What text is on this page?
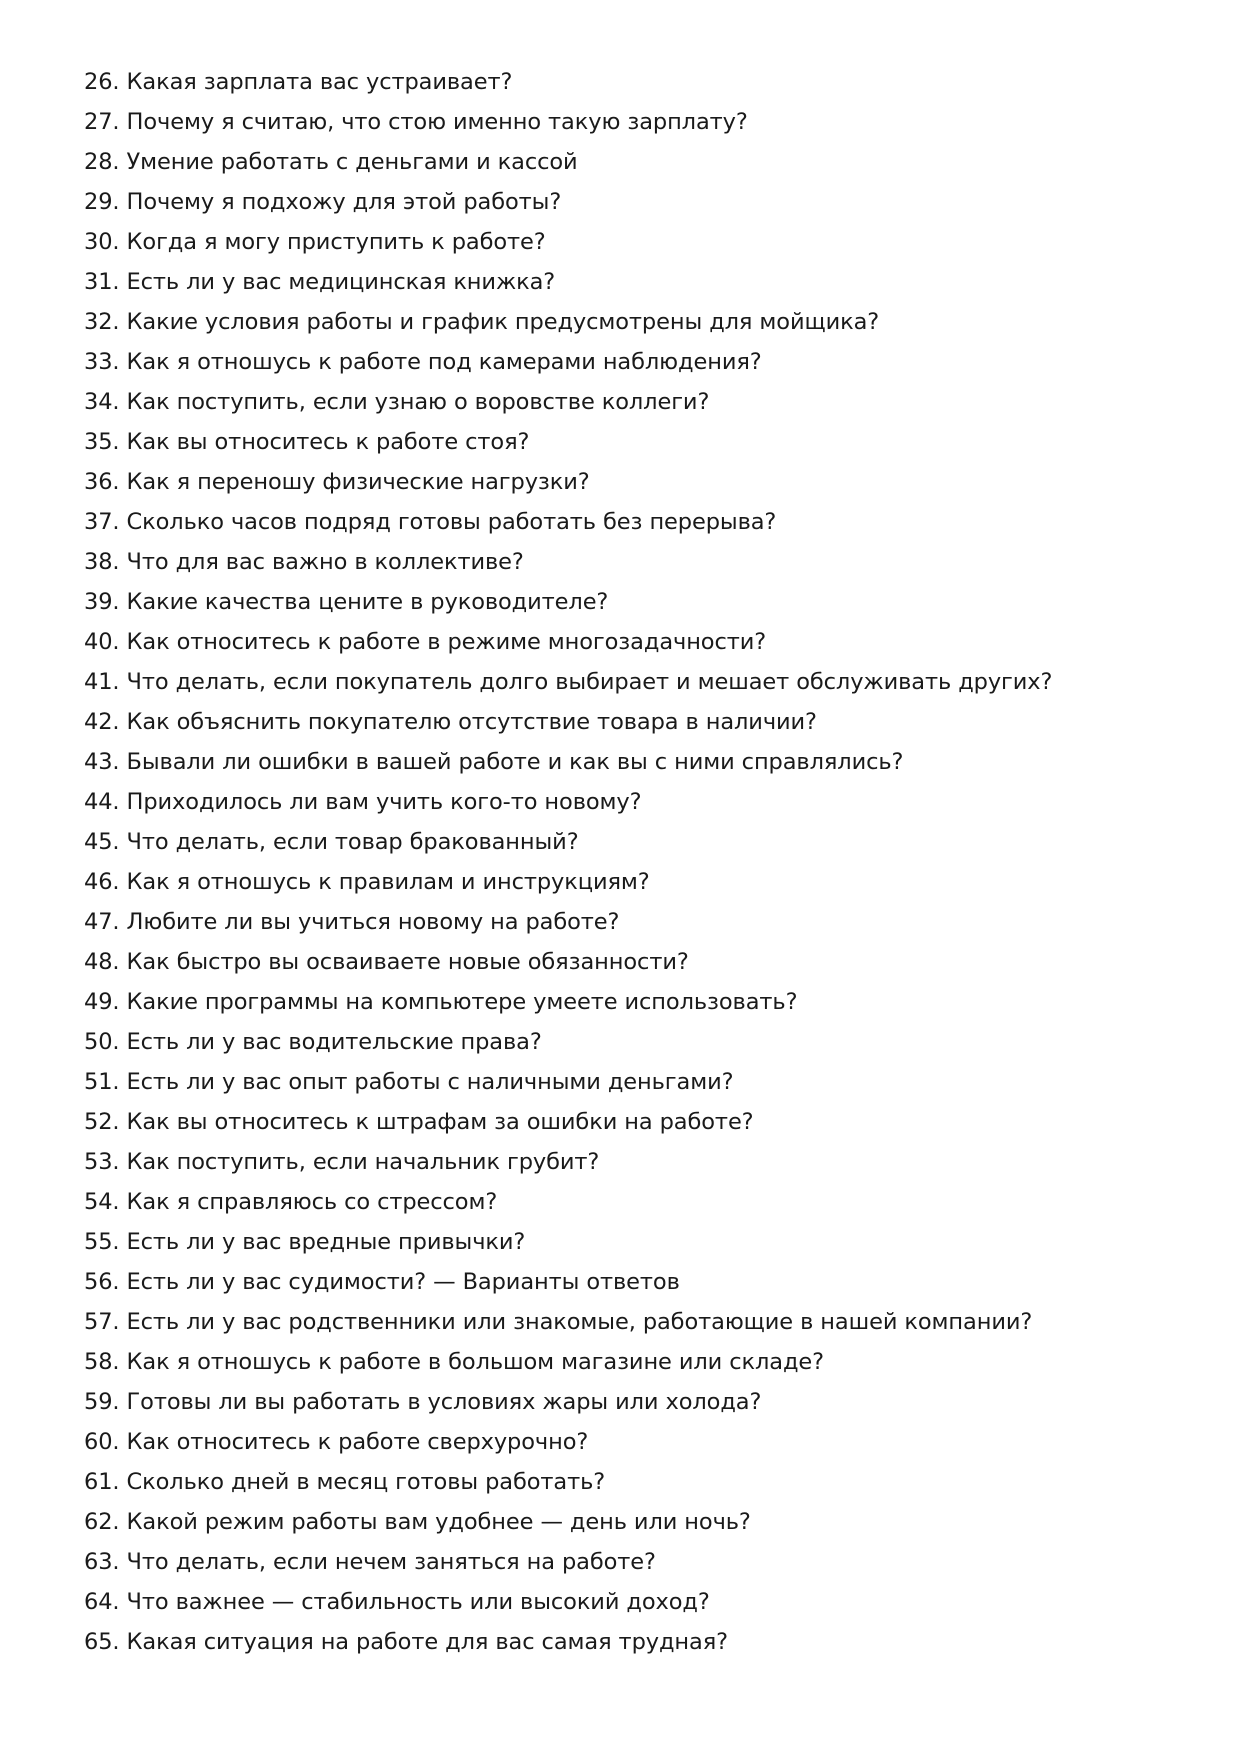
26. Какая зарплата вас устраивает?
27. Почему я считаю, что стою именно такую зарплату?
28. Умение работать с деньгами и кассой
29. Почему я подхожу для этой работы?
30. Когда я могу приступить к работе?
31. Есть ли у вас медицинская книжка?
32. Какие условия работы и график предусмотрены для мойщика?
33. Как я отношусь к работе под камерами наблюдения?
34. Как поступить, если узнаю о воровстве коллеги?
35. Как вы относитесь к работе стоя?
36. Как я переношу физические нагрузки?
37. Сколько часов подряд готовы работать без перерыва?
38. Что для вас важно в коллективе?
39. Какие качества цените в руководителе?
40. Как относитесь к работе в режиме многозадачности?
41. Что делать, если покупатель долго выбирает и мешает обслуживать других?
42. Как объяснить покупателю отсутствие товара в наличии?
43. Бывали ли ошибки в вашей работе и как вы с ними справлялись?
44. Приходилось ли вам учить кого-то новому?
45. Что делать, если товар бракованный?
46. Как я отношусь к правилам и инструкциям?
47. Любите ли вы учиться новому на работе?
48. Как быстро вы осваиваете новые обязанности?
49. Какие программы на компьютере умеете использовать?
50. Есть ли у вас водительские права?
51. Есть ли у вас опыт работы с наличными деньгами?
52. Как вы относитесь к штрафам за ошибки на работе?
53. Как поступить, если начальник грубит?
54. Как я справляюсь со стрессом?
55. Есть ли у вас вредные привычки?
56. Есть ли у вас судимости? — Варианты ответов
57. Есть ли у вас родственники или знакомые, работающие в нашей компании?
58. Как я отношусь к работе в большом магазине или складе?
59. Готовы ли вы работать в условиях жары или холода?
60. Как относитесь к работе сверхурочно?
61. Сколько дней в месяц готовы работать?
62. Какой режим работы вам удобнее — день или ночь?
63. Что делать, если нечем заняться на работе?
64. Что важнее — стабильность или высокий доход?
65. Какая ситуация на работе для вас самая трудная?
